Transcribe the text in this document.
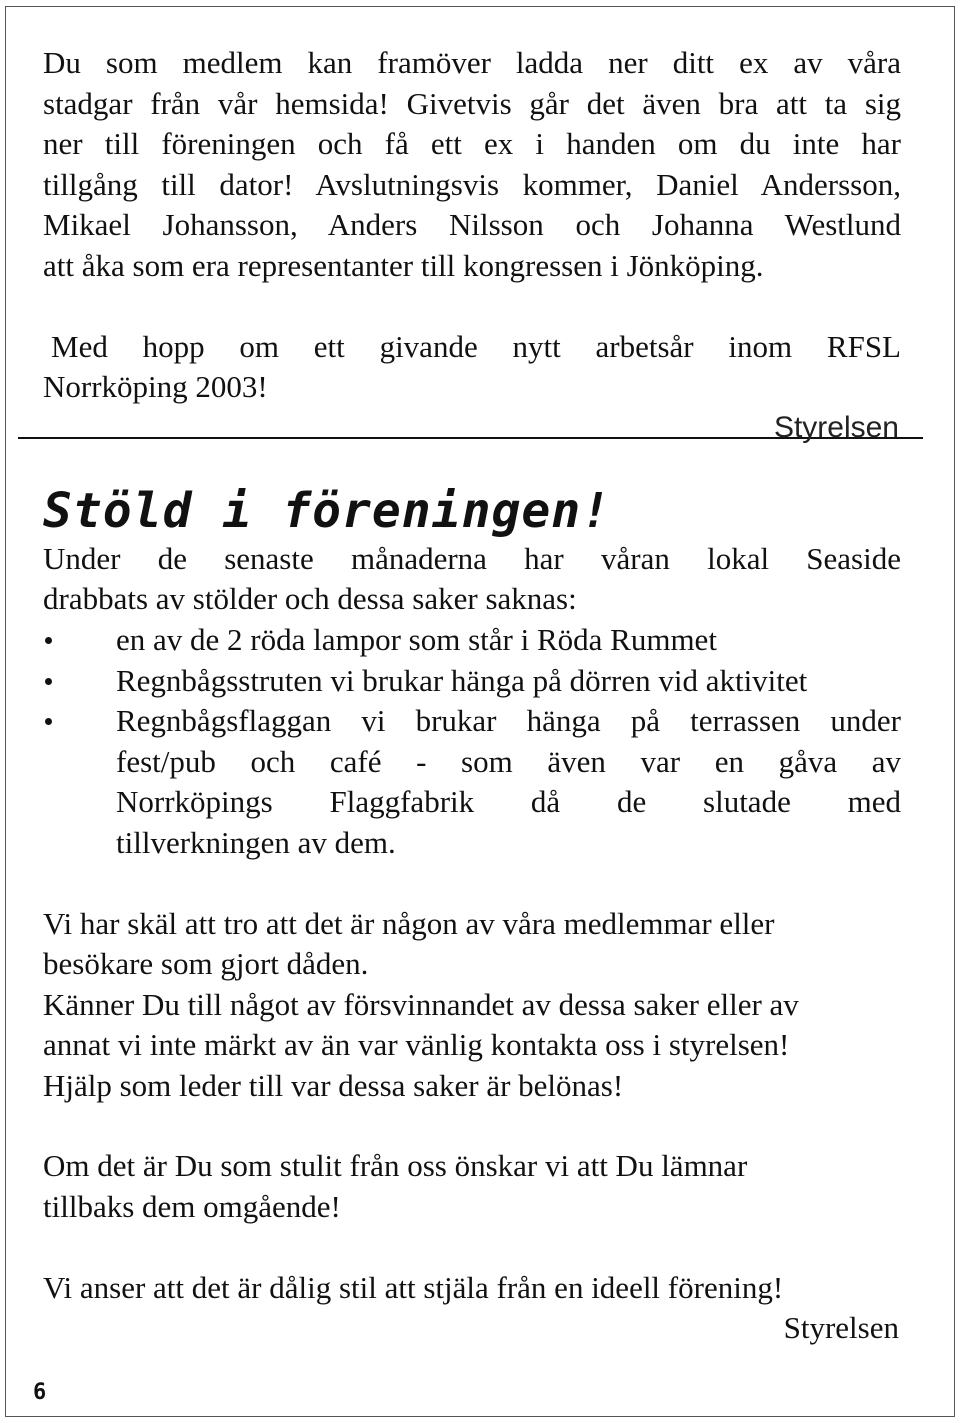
Du som medlem kan framöver ladda ner ditt ex av våra

stadgar från vår hemsida! Givetvis går det även bra att ta sig

ner till föreningen och få ett ex i handen om du inte har

tillgång till dator! Avslutningsvis kommer, Daniel Andersson,

Mikael Johansson, Anders Nilsson och Johanna Westlund

att åka som era representanter till kongressen i Jönköping.

Med hopp om ett givande nytt arbetsår inom RFSL

Norrköping 2003!

Styrelsen
Stöld i föreningen!

Under de senaste månaderna har våran lokal Seaside

drabbats av stölder och dessa saker saknas:

en av de 2 röda lampor som står i Röda Rummet

Regnbågsstruten vi brukar hänga på dörren vid aktivitet

Regnbågsflaggan vi brukar hänga på terrassen under

fest/pub och café - som även var en gåva av

Norrköpings Flaggfabrik då de slutade med

tillverkningen av dem.

Vi har skäl att tro att det är någon av våra medlemmar eller

besökare som gjort dåden.

Känner Du till något av försvinnandet av dessa saker eller av

annat vi inte märkt av än var vänlig kontakta oss i styrelsen!

Hjälp som leder till var dessa saker är belönas!

Om det är Du som stulit från oss önskar vi att Du lämnar

tillbaks dem omgående!

Vi anser att det är dålig stil att stjäla från en ideell förening!

Styrelsen

6
